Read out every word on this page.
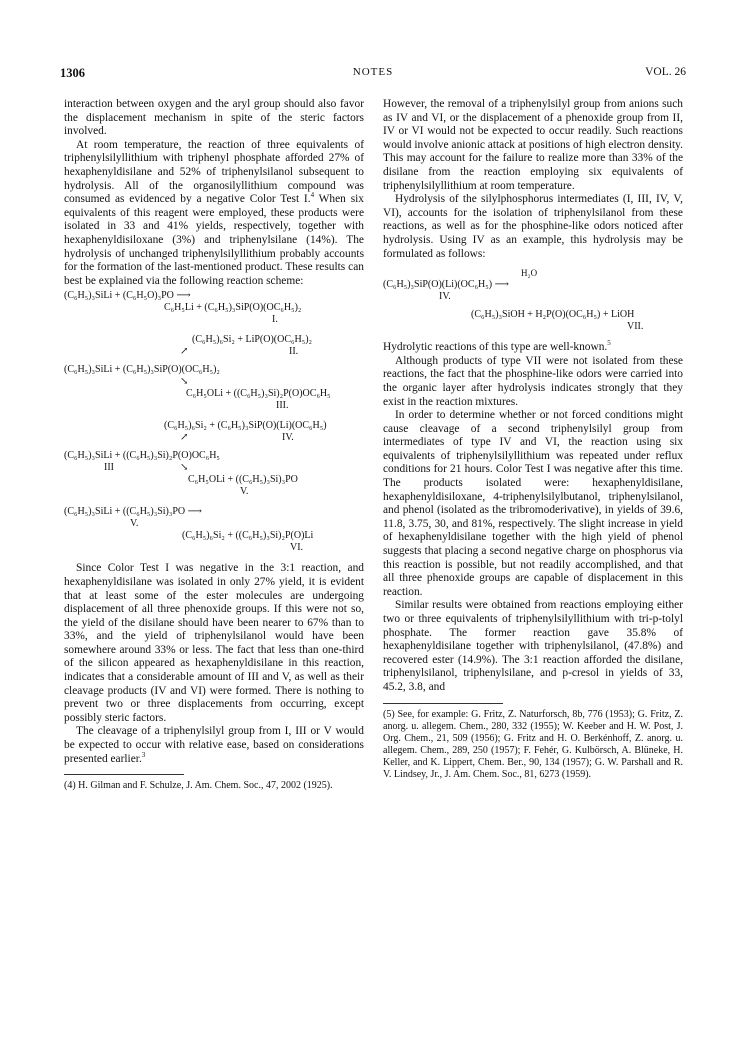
1306	NOTES	VOL. 26

interaction between oxygen and the aryl group should also favor the displacement mechanism in spite of the steric factors involved.

At room temperature, the reaction of three equivalents of triphenylsilyllithium with triphenyl phosphate afforded 27% of hexaphenyldisilane and 52% of triphenylsilanol subsequent to hydrolysis. All of the organosilyllithium compound was consumed as evidenced by a negative Color Test I.$^4$ When six equivalents of this reagent were employed, these products were isolated in 33 and 41% yields, respectively, together with hexaphenyldisiloxane (3%) and triphenylsilane (14%). The hydrolysis of unchanged triphenylsilyllithium probably accounts for the formation of the last-mentioned product. These results can best be explained via the following reaction scheme:

(C₆H₅)₃SiLi + (C₆H₅O)₃PO ⟶
C₆H₅Li + (C₆H₅)₃SiP(O)(OC₆H₅)₂
I.
(C₆H₅)₆Si₂ + LiP(O)(OC₆H₅)₂
↗	II.
(C₆H₅)₃SiLi + (C₆H₅)₃SiP(O)(OC₆H₅)₂
↘
C₆H₅OLi + ((C₆H₅)₃Si)₂P(O)OC₆H₅
III.
(C₆H₅)₆Si₂ + (C₆H₅)₃SiP(O)(Li)(OC₆H₅)
↗	IV.
(C₆H₅)₃SiLi + ((C₆H₅)₃Si)₂P(O)OC₆H₅
III	↘
C₆H₅OLi + ((C₆H₅)₃Si)₃PO
V.
(C₆H₅)₃SiLi + ((C₆H₅)₃Si)₃PO ⟶
V.
(C₆H₅)₆Si₂ + ((C₆H₅)₃Si)₂P(O)Li
VI.

Since Color Test I was negative in the 3:1 reaction, and hexaphenyldisilane was isolated in only 27% yield, it is evident that at least some of the ester molecules are undergoing displacement of all three phenoxide groups. If this were not so, the yield of the disilane should have been nearer to 67% than to 33%, and the yield of triphenylsilanol would have been somewhere around 33% or less. The fact that less than one-third of the silicon appeared as hexaphenyldisilane in this reaction, indicates that a considerable amount of III and V, as well as their cleavage products (IV and VI) were formed. There is nothing to prevent two or three displacements from occurring, except possibly steric factors.

The cleavage of a triphenylsilyl group from I, III or V would be expected to occur with relative ease, based on considerations presented earlier.$^3$

(4) H. Gilman and F. Schulze, J. Am. Chem. Soc., 47, 2002 (1925).

However, the removal of a triphenylsilyl group from anions such as IV and VI, or the displacement of a phenoxide group from II, IV or VI would not be expected to occur readily. Such reactions would involve anionic attack at positions of high electron density. This may account for the failure to realize more than 33% of the disilane from the reaction employing six equivalents of triphenylsilyllithium at room temperature.

Hydrolysis of the silylphosphorus intermediates (I, III, IV, V, VI), accounts for the isolation of triphenylsilanol from these reactions, as well as for the phosphine-like odors noticed after hydrolysis. Using IV as an example, this hydrolysis may be formulated as follows:

H₂O
(C₆H₅)₃SiP(O)(Li)(OC₆H₅) ⟶
IV.
(C₆H₅)₃SiOH + H₂P(O)(OC₆H₅) + LiOH
VII.

Hydrolytic reactions of this type are well-known.$^5$

Although products of type VII were not isolated from these reactions, the fact that the phosphine-like odors were carried into the organic layer after hydrolysis indicates strongly that they exist in the reaction mixtures.

In order to determine whether or not forced conditions might cause cleavage of a second triphenylsilyl group from intermediates of type IV and VI, the reaction using six equivalents of triphenylsilyllithium was repeated under reflux conditions for 21 hours. Color Test I was negative after this time. The products isolated were: hexaphenyldisilane, hexaphenyldisiloxane, 4-triphenylsilylbutanol, triphenylsilanol, and phenol (isolated as the tribromoderivative), in yields of 39.6, 11.8, 3.75, 30, and 81%, respectively. The slight increase in yield of hexaphenyldisilane together with the high yield of phenol suggests that placing a second negative charge on phosphorus via this reaction is possible, but not readily accomplished, and that all three phenoxide groups are capable of displacement in this reaction.

Similar results were obtained from reactions employing either two or three equivalents of triphenylsilyllithium with tri-p-tolyl phosphate. The former reaction gave 35.8% of hexaphenyldisilane together with triphenylsilanol, (47.8%) and recovered ester (14.9%). The 3:1 reaction afforded the disilane, triphenylsilanol, triphenylsilane, and p-cresol in yields of 33, 45.2, 3.8, and

(5) See, for example: G. Fritz, Z. Naturforsch, 8b, 776 (1953); G. Fritz, Z. anorg. u. allegem. Chem., 280, 332 (1955); W. Keeber and H. W. Post, J. Org. Chem., 21, 509 (1956); G. Fritz and H. O. Berkénhoff, Z. anorg. u. allegem. Chem., 289, 250 (1957); F. Fehér, G. Kulbörsch, A. Blüneke, H. Keller, and K. Lippert, Chem. Ber., 90, 134 (1957); G. W. Parshall and R. V. Lindsey, Jr., J. Am. Chem. Soc., 81, 6273 (1959).
